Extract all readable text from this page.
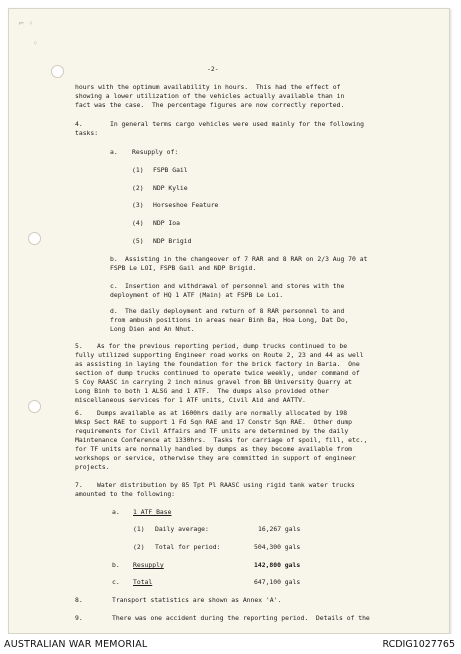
⌐ ◦
◦

-2-

hours with the optimum availability in hours.  This had the effect of

showing a lower utilization of the vehicles actually available than in

fact was the case.  The percentage figures are now correctly reported.

4.	In general terms cargo vehicles were used mainly for the following

tasks:

a. Resupply of:

(1) FSPB Gail

(2) NDP Kylie

(3) Horseshoe Feature

(4) NDP Ioa

(5) NDP Brigid

b. Assisting in the changeover of 7 RAR and 8 RAR on 2/3 Aug 70 at

FSPB Le LOI, FSPB Gail and NDP Brigid.

c. Insertion and withdrawal of personnel and stores with the

deployment of HQ 1 ATF (Main) at FSPB Le Loi.

d. The daily deployment and return of 8 RAR personnel to and

from ambush positions in areas near Binh Ba, Hoa Long, Dat Do,

Long Dien and An Nhut.

5. As for the previous reporting period, dump trucks continued to be

fully utilized supporting Engineer road works on Route 2, 23 and 44 as well

as assisting in laying the foundation for the brick factory in Baria.  One

section of dump trucks continued to operate twice weekly, under command of

5 Coy RAASC in carrying 2 inch minus gravel from BB University Quarry at

Long Binh to both 1 ALSG and 1 ATF.  The dumps also provided other

miscellaneous services for 1 ATF units, Civil Aid and AATTV.

6. Dumps available as at 1600hrs daily are normally allocated by 198

Wksp Sect RAE to support 1 Fd Sqn RAE and 17 Constr Sqn RAE.  Other dump

requirements for Civil Affairs and TF units are determined by the daily

Maintenance Conference at 1330hrs.  Tasks for carriage of spoil, fill, etc.,

for TF units are normally handled by dumps as they become available from

workshops or service, otherwise they are committed in support of engineer

projects.

7. Water distribution by 85 Tpt Pl RAASC using rigid tank water trucks

amounted to the following:

a. 1 ATF Base

(1) Daily average:	16,267 gals

(2) Total for period:	504,300 gals

b. Resupply	142,800 gals

c. Total	647,100 gals

8.	Transport statistics are shown as Annex 'A'.

9.	There was one accident during the reporting period.  Details of the

AUSTRALIAN WAR MEMORIAL	RCDIG1027765
